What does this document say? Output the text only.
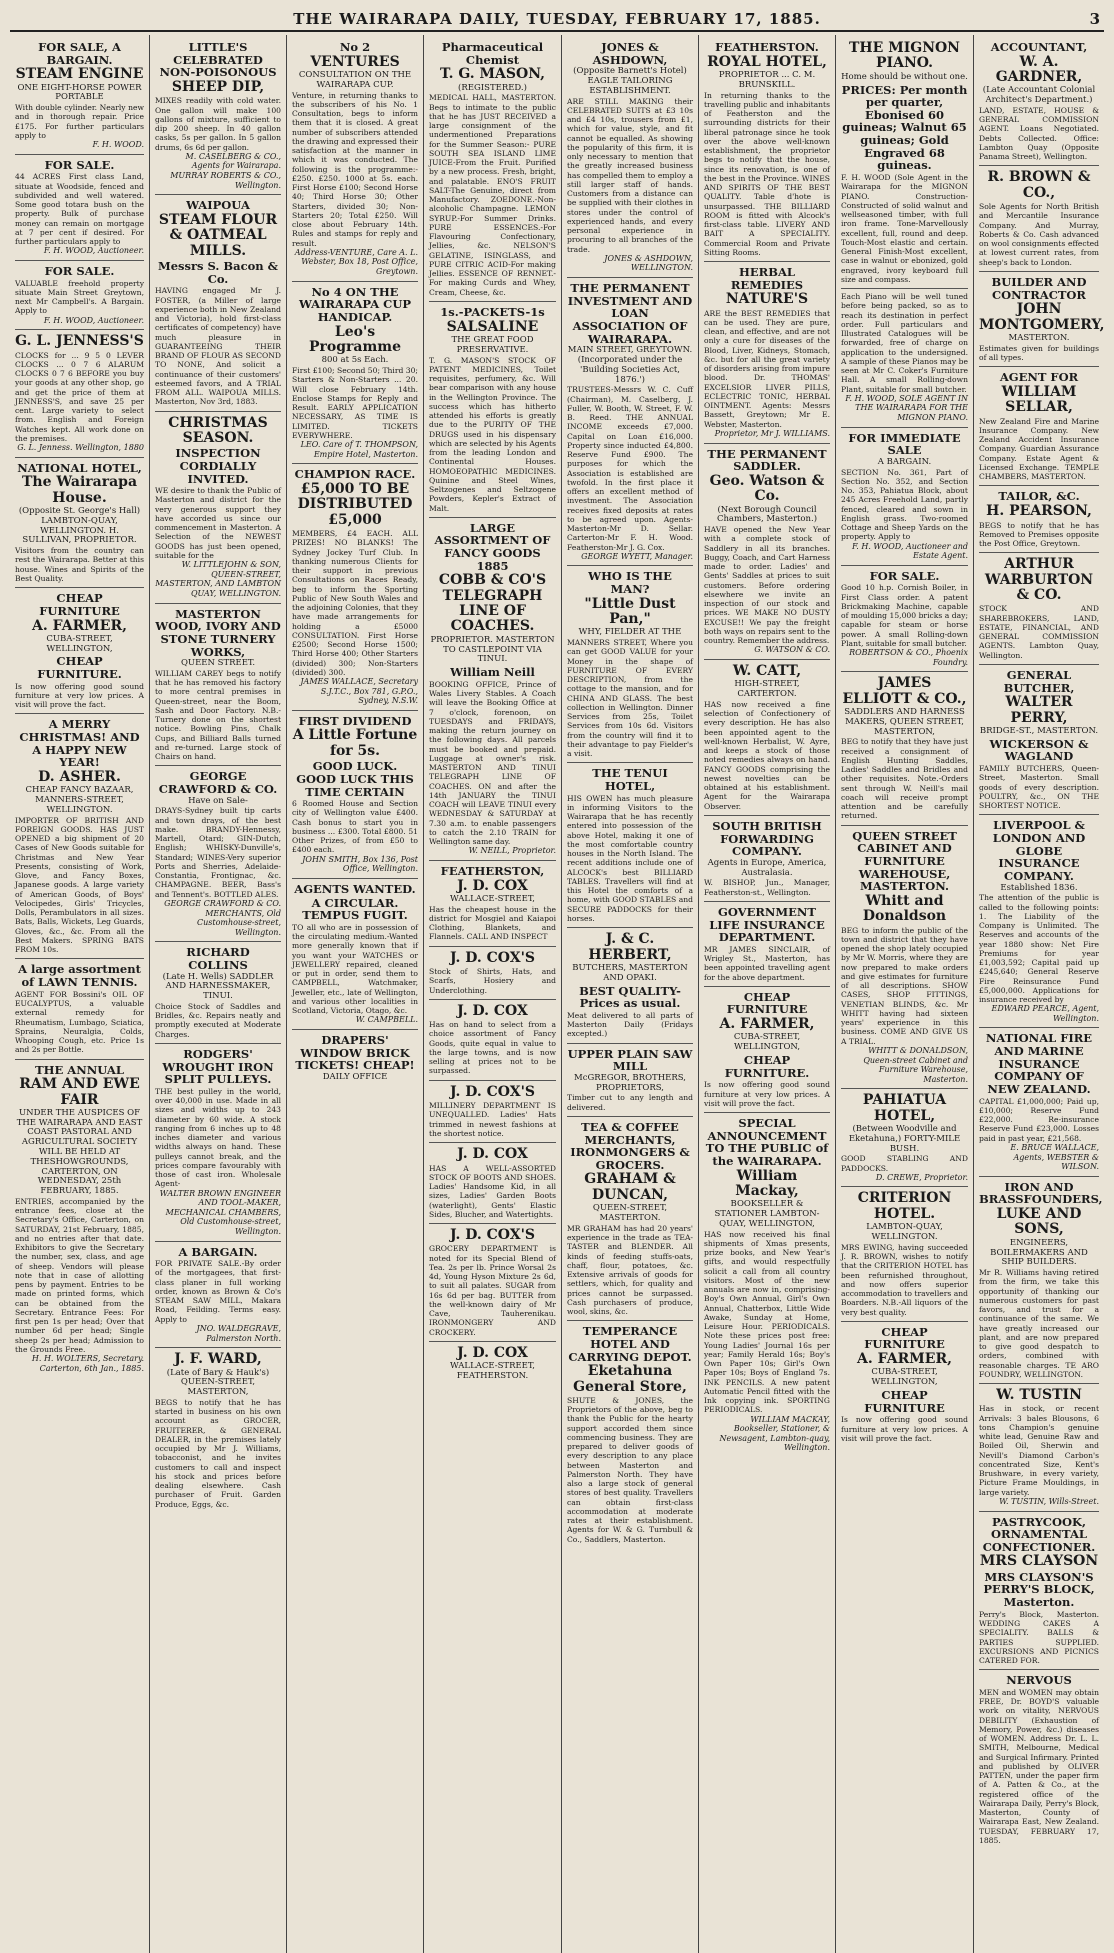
THE WAIRARAPA DAILY, TUESDAY, FEBRUARY 17, 1885.	3
FOR SALE, A BARGAIN.
STEAM ENGINE
ONE EIGHT-HORSE POWER PORTABLE
With double cylinder. Nearly new and in thorough repair. Price £175. For further particulars apply to
F. H. WOOD.
FOR SALE.
44 ACRES First class Land, situate at Woodside, fenced and subdivided and well watered. Some good totara bush on the property. Bulk of purchase money can remain on mortgage at 7 per cent if desired. For further particulars apply to
F. H. WOOD, Auctioneer.
FOR SALE.
VALUABLE freehold property situate Main Street Greytown, next Mr Campbell's. A Bargain. Apply to
F. H. WOOD, Auctioneer.
G. L. JENNESS'S
CLOCKS for ... 9 5 0 LEVER CLOCKS ... 0 7 6 ALARUM CLOCKS 0 7 6 BEFORE you buy your goods at any other shop, go and get the price of them at JENNESS'S, and save 25 per cent. Large variety to select from. English and Foreign Watches kept. All work done on the premises.
G. L. Jenness. Wellington, 1880
NATIONAL HOTEL,
The Wairarapa House.
(Opposite St. George's Hall) LAMBTON-QUAY, WELLINGTON. H. SULLIVAN, PROPRIETOR.
Visitors from the country can rest the Wairarapa. Better at this house. Wines and Spirits of the Best Quality.
CHEAP FURNITURE
A. FARMER,
CUBA-STREET, WELLINGTON,
CHEAP FURNITURE.
Is now offering good sound furniture at very low prices. A visit will prove the fact.
A MERRY CHRISTMAS! AND A HAPPY NEW YEAR!
D. ASHER.
CHEAP FANCY BAZAAR, MANNERS-STREET, WELLINGTON.
IMPORTER OF BRITISH AND FOREIGN GOODS. HAS JUST OPENED a big shipment of 20 Cases of New Goods suitable for Christmas and New Year Presents, consisting of Work, Glove, and Fancy Boxes, Japanese goods. A large variety of American Goods, of Boys' Velocipedes, Girls' Tricycles, Dolls, Perambulators in all sizes. Bats, Balls, Wickets, Leg Guards, Gloves, &c., &c. From all the Best Makers. SPRING BATS FROM 10s.
A large assortment of LAWN TENNIS.
AGENT FOR Bossini's OIL OF EUCALYPTUS, a valuable external remedy for Rheumatism, Lumbago, Sciatica, Sprains, Neuralgia, Colds, Whooping Cough, etc. Price 1s and 2s per Bottle.
THE ANNUAL
RAM AND EWE FAIR
UNDER THE AUSPICES OF THE WAIRARAPA AND EAST COAST PASTORAL AND AGRICULTURAL SOCIETY WILL BE HELD AT THESHOWGROUNDS, CARTERTON, ON WEDNESDAY, 25th FEBRUARY, 1885.
ENTRIES, accompanied by the entrance fees, close at the Secretary's Office, Carterton, on SATURDAY, 21st February, 1885, and no entries after that date. Exhibitors to give the Secretary the number, sex, class, and age of sheep. Vendors will please note that in case of allotting pens by payment. Entries to be made on printed forms, which can be obtained from the Secretary. Entrance Fees: For first pen 1s per head; Over that number 6d per head; Single sheep 2s per head; Admission to the Grounds Free.
H. H. WOLTERS, Secretary. Carterton, 6th Jan., 1885.
LITTLE'S CELEBRATED NON-POISONOUS
SHEEP DIP,
MIXES readily with cold water. One gallon will make 100 gallons of mixture, sufficient to dip 200 sheep. In 40 gallon casks, 5s per gallon. In 5 gallon drums, 6s 6d per gallon.
M. CASELBERG & CO., Agents for Wairarapa. MURRAY ROBERTS & CO., Wellington.
WAIPOUA
STEAM FLOUR & OATMEAL MILLS.
Messrs S. Bacon & Co.
HAVING engaged Mr J. FOSTER, (a Miller of large experience both in New Zealand and Victoria), hold first-class certificates of competency) have much pleasure in GUARANTEEING THEIR BRAND OF FLOUR AS SECOND TO NONE, And solicit a continuance of their customers' esteemed favors, and A TRIAL FROM ALL. WAIPOUA MILLS. Masterton, Nov 3rd, 1883.
CHRISTMAS SEASON.
INSPECTION CORDIALLY INVITED.
WE desire to thank the Public of Masterton and district for the very generous support they have accorded us since our commencement in Masterton. A Selection of the NEWEST GOODS has just been opened, suitable for the
W. LITTLEJOHN & SON, QUEEN-STREET, MASTERTON, AND LAMBTON QUAY, WELLINGTON.
MASTERTON WOOD, IVORY AND STONE TURNERY WORKS,
QUEEN STREET.
WILLIAM CAREY begs to notify that he has removed his factory to more central premises in Queen-street, near the Boom, Sash and Door Factory. N.B.-Turnery done on the shortest notice. Bowling Pins, Chalk Cups, and Billiard Balls turned and re-turned. Large stock of Chairs on hand.
GEORGE CRAWFORD & CO.
Have on Sale-
DRAYS-Sydney built tip carts and town drays, of the best make. BRANDY-Hennessy, Martell, Otard; GIN-Dutch, English; WHISKY-Dunville's, Standard; WINES-Very superior Ports and Sherries, Adelaide-Constantia, Frontignac, &c. CHAMPAGNE. BEER, Bass's and Tennent's. BOTTLED ALES.
GEORGE CRAWFORD & CO. MERCHANTS, Old Customhouse-street, Wellington.
RICHARD COLLINS
(Late H. Wells) SADDLER AND HARNESSMAKER, TINUI.
Choice Stock of Saddles and Bridles, &c. Repairs neatly and promptly executed at Moderate Charges.
RODGERS' WROUGHT IRON SPLIT PULLEYS.
THE best pulley in the world, over 40,000 in use. Made in all sizes and widths up to 243 diameter by 60 wide. A stock ranging from 6 inches up to 48 inches diameter and various widths always on hand. These pulleys cannot break, and the prices compare favourably with those of cast iron. Wholesale Agent-
WALTER BROWN ENGINEER AND TOOL-MAKER, MECHANICAL CHAMBERS, Old Customhouse-street, Wellington.
A BARGAIN.
FOR PRIVATE SALE.-By order of the mortgagees, that first-class planer in full working order, known as Brown & Co's STEAM SAW MILL, Makara Road, Feilding. Terms easy. Apply to
JNO. WALDEGRAVE, Palmerston North.
J. F. WARD,
(Late of Bary & Hauk's) QUEEN-STREET, MASTERTON,
BEGS to notify that he has started in business on his own account as GROCER, FRUITERER, & GENERAL DEALER, in the premises lately occupied by Mr J. Williams, tobacconist, and he invites customers to call and inspect his stock and prices before dealing elsewhere. Cash purchaser of Fruit. Garden Produce, Eggs, &c.
No 2
VENTURES
CONSULTATION ON THE WAIRARAPA CUP.
Venture, in returning thanks to the subscribers of his No. 1 Consultation, begs to inform them that it is closed. A great number of subscribers attended the drawing and expressed their satisfaction at the manner in which it was conducted. The following is the programme:- £250. £250. 1000 at 5s. each. First Horse £100; Second Horse 40; Third Horse 30; Other Starters, divided 30; Non-Starters 20; Total £250. Will close about February 14th. Rules and stamps for reply and result.
Address-VENTURE, Care A. L. Webster, Box 18, Post Office, Greytown.
No 4 ON THE WAIRARAPA CUP HANDICAP.
Leo's Programme
800 at 5s Each.
First £100; Second 50; Third 30; Starters & Non-Starters ... 20. Will close February 14th. Enclose Stamps for Reply and Result. EARLY APPLICATION NECESSARY, AS TIME IS LIMITED. TICKETS EVERYWHERE.
LEO. Care of T. THOMPSON, Empire Hotel, Masterton.
CHAMPION RACE.
£5,000 TO BE DISTRIBUTED £5,000
MEMBERS, £4 EACH. ALL PRIZES! NO BLANKS! The Sydney Jockey Turf Club. In thanking numerous Clients for their support in previous Consultations on Races Ready, beg to inform the Sporting Public of New South Wales and the adjoining Colonies, that they have made arrangements for holding a £5000 CONSULTATION. First Horse £2500; Second Horse 1500; Third Horse 400; Other Starters (divided) 300; Non-Starters (divided) 300.
JAMES WALLACE, Secretary S.J.T.C., Box 781, G.P.O., Sydney, N.S.W.
FIRST DIVIDEND
A Little Fortune for 5s.
GOOD LUCK. GOOD LUCK THIS TIME CERTAIN
6 Roomed House and Section city of Wellington value £400. Cash bonus to start you in business ... £300. Total £800. 51 Other Prizes, of from £50 to £400 each.
JOHN SMITH, Box 136, Post Office, Wellington.
AGENTS WANTED.
A CIRCULAR. TEMPUS FUGIT.
TO all who are in possession of the circulating medium.-Wanted more generally known that if you want your WATCHES or JEWELLERY repaired, cleaned or put in order, send them to CAMPBELL, Watchmaker, Jeweller, etc., late of Wellington, and various other localities in Scotland, Victoria, Otago, &c.
W. CAMPBELL.
DRAPERS' WINDOW BRICK TICKETS! CHEAP!
DAILY OFFICE
Pharmaceutical Chemist
T. G. MASON,
(REGISTERED.)
MEDICAL HALL, MASTERTON. Begs to intimate to the public that he has JUST RECEIVED a large consignment of the undermentioned Preparations for the Summer Season:- PURE SOUTH SEA ISLAND LIME JUICE-From the Fruit. Purified by a new process. Fresh, bright, and palatable. ENO'S FRUIT SALT-The Genuine, direct from Manufactory. ZOEDONE.-Non-alcoholic Champagne. LEMON SYRUP.-For Summer Drinks. PURE ESSENCES.-For Flavouring Confectionary, Jellies, &c. NELSON'S GELATINE, ISINGLASS, and PURE CITRIC ACID-For making Jellies. ESSENCE OF RENNET.-For making Curds and Whey, Cream, Cheese, &c.
1s.-PACKETS-1s
SALSALINE
THE GREAT FOOD PRESERVATIVE.
T. G. MASON'S STOCK OF PATENT MEDICINES, Toilet requisites, perfumery, &c. Will bear comparison with any house in the Wellington Province. The success which has hitherto attended his efforts is greatly due to the PURITY OF THE DRUGS used in his dispensary which are selected by his Agents from the leading London and Continental Houses. HOMOEOPATHIC MEDICINES. Quinine and Steel Wines, Seltzogenes and Seltzogene Powders, Kepler's Extract of Malt.
LARGE ASSORTMENT OF FANCY GOODS 1885
COBB & CO'S TELEGRAPH LINE OF COACHES.
PROPRIETOR. MASTERTON TO CASTLEPOINT VIA TINUI.
William Neill
BOOKING OFFICE, Prince of Wales Livery Stables. A Coach will leave the Booking Office at 7 o'clock, forenoon, on TUESDAYS and FRIDAYS, making the return journey on the following days. All parcels must be booked and prepaid. Luggage at owner's risk. MASTERTON AND TINUI TELEGRAPH LINE OF COACHES. ON and after the 14th JANUARY the TINUI COACH will LEAVE TINUI every WEDNESDAY & SATURDAY at 7.30 a.m. to enable passengers to catch the 2.10 TRAIN for Wellington same day.
W. NEILL, Proprietor.
FEATHERSTON,
J. D. COX
WALLACE-STREET,
Has the cheapest house in the district for Mosgiel and Kaiapoi Clothing, Blankets, and Flannels. CALL AND INSPECT
J. D. COX'S
Stock of Shirts, Hats, and Scarfs, Hosiery and Underclothing.
J. D. COX
Has on hand to select from a choice assortment of Fancy Goods, quite equal in value to the large towns, and is now selling at prices not to be surpassed.
J. D. COX'S
MILLINERY DEPARTMENT IS UNEQUALLED. Ladies' Hats trimmed in newest fashions at the shortest notice.
J. D. COX
HAS A WELL-ASSORTED STOCK OF BOOTS AND SHOES. Ladies' Handsome Kid, in all sizes, Ladies' Garden Boots (waterlight), Gents' Elastic Sides, Blucher, and Watertights.
J. D. COX'S
GROCERY DEPARTMENT is noted for its Special Blend of Tea. 2s per lb. Prince Worsal 2s 4d, Young Hyson Mixture 2s 6d, to suit all palates. SUGAR from 16s 6d per bag. BUTTER from the well-known dairy of Mr Cave, Tauherenikau. IRONMONGERY AND CROCKERY.
J. D. COX
WALLACE-STREET, FEATHERSTON.
JONES & ASHDOWN,
(Opposite Barnett's Hotel) EAGLE TAILORING ESTABLISHMENT.
ARE STILL MAKING their CELEBRATED SUITS at £3 10s and £4 10s, trousers from £1, which for value, style, and fit cannot be equalled. As showing the popularity of this firm, it is only necessary to mention that the greatly increased business has compelled them to employ a still larger staff of hands. Customers from a distance can be supplied with their clothes in stores under the control of experienced hands, and every personal experience in procuring to all branches of the trade.
JONES & ASHDOWN, WELLINGTON.
THE PERMANENT INVESTMENT AND LOAN ASSOCIATION OF WAIRARAPA.
MAIN STREET, GREYTOWN. (Incorporated under the 'Building Societies Act, 1876.')
TRUSTEES-Messrs W. C. Cuff (Chairman), M. Caselberg, J. Fuller, W. Booth, W. Street, F. W. B. Reed. THE ANNUAL INCOME exceeds £7,000. Capital on Loan £16,000. Property since inducted £4,800. Reserve Fund £900. The purposes for which the Association is established are twofold. In the first place it offers an excellent method of investment. The Association receives fixed deposits at rates to be agreed upon. Agents-Masterton-Mr D. Sellar. Carterton-Mr F. H. Wood. Featherston-Mr J. G. Cox.
GEORGE WYETT, Manager.
WHO IS THE MAN?
"Little Dust Pan,"
WHY, FIELDER AT THE
MANNERS STREET, Where you can get GOOD VALUE for your Money in the shape of FURNITURE OF EVERY DESCRIPTION, from the cottage to the mansion, and for CHINA AND GLASS. The best collection in Wellington. Dinner Services from 25s, Toilet Services from 10s 6d. Visitors from the country will find it to their advantage to pay Fielder's a visit.
THE TENUI HOTEL,
HIS OWEN has much pleasure in informing Visitors to the Wairarapa that he has recently entered into possession of the above Hotel, making it one of the most comfortable country houses in the North Island. The recent additions include one of ALCOCK's best BILLIARD TABLES. Travellers will find at this Hotel the comforts of a home, with GOOD STABLES and SECURE PADDOCKS for their horses.
J. & C. HERBERT,
BUTCHERS, MASTERTON AND OPAKI.
BEST QUALITY-Prices as usual.
Meat delivered to all parts of Masterton Daily (Fridays excepted.)
UPPER PLAIN SAW MILL
McGREGOR, BROTHERS, PROPRIETORS,
Timber cut to any length and delivered.
TEA & COFFEE MERCHANTS, IRONMONGERS & GROCERS.
GRAHAM & DUNCAN,
QUEEN-STREET, MASTERTON.
MR GRAHAM has had 20 years' experience in the trade as TEA-TASTER and BLENDER. All kinds of feeding stuffs-oats, chaff, flour, potatoes, &c. Extensive arrivals of goods for settlers, which, for quality and prices cannot be surpassed. Cash purchasers of produce, wool, skins, &c.
TEMPERANCE HOTEL AND CARRYING DEPOT.
Eketahuna General Store,
SHUTE & JONES, the Proprietors of the above, beg to thank the Public for the hearty support accorded them since commencing business. They are prepared to deliver goods of every description to any place between Masterton and Palmerston North. They have also a large stock of general stores of best quality. Travellers can obtain first-class accommodation at moderate rates at their establishment. Agents for W. & G. Turnbull & Co., Saddlers, Masterton.
FEATHERSTON.
ROYAL HOTEL,
PROPRIETOR ... C. M. BRUNSKILL.
In returning thanks to the travelling public and inhabitants of Featherston and the surrounding districts for their liberal patronage since he took over the above well-known establishment, the proprietor begs to notify that the house, since its renovation, is one of the best in the Province. WINES AND SPIRITS OF THE BEST QUALITY. Table d'hote is unsurpassed. THE BILLIARD ROOM is fitted with Alcock's first-class table. LIVERY AND BAIT A SPECIALITY. Commercial Room and Private Sitting Rooms.
HERBAL REMEDIES
NATURE'S
ARE the BEST REMEDIES that can be used. They are pure, clean, and effective, and are not only a cure for diseases of the Blood, Liver, Kidneys, Stomach, &c. but for all the great variety of disorders arising from impure blood. Dr. THOMAS' EXCELSIOR LIVER PILLS, ECLECTRIC TONIC, HERBAL OINTMENT. Agents: Messrs Bassett, Greytown; Mr E. Webster, Masterton.
Proprietor, Mr J. WILLIAMS.
THE PERMANENT SADDLER.
Geo. Watson & Co.
(Next Borough Council Chambers, Masterton.)
HAVE opened the New Year with a complete stock of Saddlery in all its branches. Buggy, Coach, and Cart Harness made to order. Ladies' and Gents' Saddles at prices to suit customers. Before ordering elsewhere we invite an inspection of our stock and prices. WE MAKE NO DUSTY EXCUSE!! We pay the freight both ways on repairs sent to the country. Remember the address.
G. WATSON & CO.
W. CATT,
HIGH-STREET, CARTERTON.
HAS now received a fine selection of Confectionery of every description. He has also been appointed agent to the well-known Herbalist, W. Ayre, and keeps a stock of those noted remedies always on hand. FANCY GOODS comprising the newest novelties can be obtained at his establishment. Agent for the Wairarapa Observer.
SOUTH BRITISH FORWARDING COMPANY.
Agents in Europe, America, Australasia.
W. BISHOP, Jun., Manager, Featherston-st., Wellington.
GOVERNMENT LIFE INSURANCE DEPARTMENT.
MR JAMES SINCLAIR, of Wrigley St., Masterton, has been appointed travelling agent for the above department.
CHEAP FURNITURE
A. FARMER,
CUBA-STREET, WELLINGTON,
CHEAP FURNITURE.
Is now offering good sound furniture at very low prices. A visit will prove the fact.
SPECIAL ANNOUNCEMENT TO THE PUBLIC of the WAIRARAPA.
William Mackay,
BOOKSELLER & STATIONER LAMBTON-QUAY, WELLINGTON,
HAS now received his final shipments of Xmas presents, prize books, and New Year's gifts, and would respectfully solicit a call from all country visitors. Most of the new annuals are now in, comprising-Boy's Own Annual, Girl's Own Annual, Chatterbox, Little Wide Awake, Sunday at Home, Leisure Hour. PERIODICALS. Note these prices post free: Young Ladies' Journal 16s per year; Family Herald 16s; Boy's Own Paper 10s; Girl's Own Paper 10s; Boys of England 7s. INK PENCILS. A new patent Automatic Pencil fitted with the Ink copying ink. SPORTING PERIODICALS.
WILLIAM MACKAY, Bookseller, Stationer, & Newsagent, Lambton-quay, Wellington.
THE MIGNON PIANO.
Home should be without one.
PRICES: Per month per quarter, Ebonised 60 guineas; Walnut 65 guineas; Gold Engraved 68 guineas.
F. H. WOOD (Sole Agent in the Wairarapa for the MIGNON PIANO. Construction-Constructed of solid walnut and wellseasoned timber, with full iron frame. Tone-Marvellously excellent, full, round and deep. Touch-Most elastic and certain. General Finish-Most excellent, case in walnut or ebonized, gold engraved, ivory keyboard full size and compass.
Each Piano will be well tuned before being packed, so as to reach its destination in perfect order. Full particulars and Illustrated Catalogues will be forwarded, free of charge on application to the undersigned. A sample of these Pianos may be seen at Mr C. Coker's Furniture Hall. A small Rolling-down Plant, suitable for small butcher.
F. H. WOOD, SOLE AGENT IN THE WAIRARAPA FOR THE MIGNON PIANO.
FOR IMMEDIATE SALE
A BARGAIN.
SECTION No. 361, Part of Section No. 352, and Section No. 353, Pahiatua Block, about 245 Acres Freehold Land, partly fenced, cleared and sown in English grass. Two-roomed Cottage and Sheep Yards on the property. Apply to
F. H. WOOD, Auctioneer and Estate Agent.
FOR SALE.
Good 10 h.p. Cornish Boiler, in First Class order. A patent Brickmaking Machine, capable of moulding 15,000 bricks a day; capable for steam or horse power. A small Rolling-down Plant, suitable for small butcher.
ROBERTSON & CO., Phoenix Foundry.
JAMES ELLIOTT & CO.,
SADDLERS AND HARNESS MAKERS, QUEEN STREET, MASTERTON,
BEG to notify that they have just received a consignment of English Hunting Saddles, Ladies' Saddles and Bridles and other requisites. Note.-Orders sent through W. Neill's mail coach will receive prompt attention and be carefully returned.
QUEEN STREET CABINET AND FURNITURE WAREHOUSE, MASTERTON.
Whitt and Donaldson
BEG to inform the public of the town and district that they have opened the shop lately occupied by Mr W. Morris, where they are now prepared to make orders and give estimates for furniture of all descriptions. SHOW CASES, SHOP FITTINGS, VENETIAN BLINDS, &c. Mr WHITT having had sixteen years' experience in this business. COME AND GIVE US A TRIAL.
WHITT & DONALDSON, Queen-street Cabinet and Furniture Warehouse, Masterton.
PAHIATUA HOTEL,
(Between Woodville and Eketahuna,) FORTY-MILE BUSH.
GOOD STABLING AND PADDOCKS.
D. CREWE, Proprietor.
CRITERION HOTEL.
LAMBTON-QUAY, WELLINGTON.
MRS EWING, having succeeded J. R. BROWN, wishes to notify that the CRITERION HOTEL has been refurnished throughout, and now offers superior accommodation to travellers and Boarders. N.B.-All liquors of the very best quality.
CHEAP FURNITURE
A. FARMER,
CUBA-STREET, WELLINGTON,
CHEAP FURNITURE
Is now offering good sound furniture at very low prices. A visit will prove the fact.
ACCOUNTANT,
W. A. GARDNER,
(Late Accountant Colonial Architect's Department.)
LAND, ESTATE, HOUSE & GENERAL COMMISSION AGENT. Loans Negotiated. Debts Collected. Office: Lambton Quay (Opposite Panama Street), Wellington.
R. BROWN & CO.,
Sole Agents for North British and Mercantile Insurance Company. And Murray, Roberts & Co. Cash advanced on wool consignments effected at lowest current rates, from sheep's back to London.
BUILDER AND CONTRACTOR
JOHN MONTGOMERY,
MASTERTON.
Estimates given for buildings of all types.
AGENT FOR
WILLIAM SELLAR,
New Zealand Fire and Marine Insurance Company. New Zealand Accident Insurance Company. Guardian Assurance Company. Estate Agent & Licensed Exchange. TEMPLE CHAMBERS, MASTERTON.
TAILOR, &C.
H. PEARSON,
BEGS to notify that he has Removed to Premises opposite the Post Office, Greytown.
ARTHUR WARBURTON & CO.
STOCK AND SHAREBROKERS, LAND, ESTATE, FINANCIAL, AND GENERAL COMMISSION AGENTS. Lambton Quay, Wellington.
GENERAL BUTCHER,
WALTER PERRY,
BRIDGE-ST., MASTERTON.
WICKERSON & WAGLAND
FAMILY BUTCHERS, Queen-Street, Masterton. Small goods of every description. POULTRY, &c., ON THE SHORTEST NOTICE.
LIVERPOOL & LONDON AND GLOBE INSURANCE COMPANY.
Established 1836.
The attention of the public is called to the following points: 1. The Liability of the Company is Unlimited. The Reserves and accounts of the year 1880 show: Net Fire Premiums for year £1,003,592; Capital paid up £245,640; General Reserve Fire Reinsurance Fund £5,000,000. Applications for insurance received by
EDWARD PEARCE, Agent, Wellington.
NATIONAL FIRE AND MARINE INSURANCE COMPANY OF NEW ZEALAND.
CAPITAL £1,000,000; Paid up, £10,000; Reserve Fund £22,000. Re-insurance Reserve Fund £23,000. Losses paid in past year, £21,568.
E. BRUCE WALLACE, Agents, WEBSTER & WILSON.
IRON AND BRASSFOUNDERS,
LUKE AND SONS,
ENGINEERS, BOILERMAKERS AND SHIP BUILDERS.
Mr R. Williams having retired from the firm, we take this opportunity of thanking our numerous customers for past favors, and trust for a continuance of the same. We have greatly increased our plant, and are now prepared to give good despatch to orders, combined with reasonable charges. TE ARO FOUNDRY, WELLINGTON.
W. TUSTIN
Has in stock, or recent Arrivals: 3 bales Blousons, 6 tons Champion's genuine white lead, Genuine Raw and Boiled Oil, Sherwin and Nevill's Diamond Carbon's concentrated Size, Kent's Brushware, in every variety, Picture Frame Mouldings, in large variety.
W. TUSTIN, Wills-Street.
PASTRYCOOK, ORNAMENTAL CONFECTIONER.
MRS CLAYSON
MRS CLAYSON'S PERRY'S BLOCK, Masterton.
Perry's Block, Masterton. WEDDING CAKES A SPECIALITY. BALLS & PARTIES SUPPLIED. EXCURSIONS AND PICNICS CATERED FOR.
NERVOUS
MEN and WOMEN may obtain FREE, Dr. BOYD'S valuable work on vitality, NERVOUS DEBILITY (Exhaustion of Memory, Power, &c.) diseases of WOMEN. Address Dr. L. L. SMITH, Melbourne, Medical and Surgical Infirmary. Printed and published by OLIVER PATTEN, under the paper firm of A. Patten & Co., at the registered office of the Wairarapa Daily, Perry's Block, Masterton, County of Wairarapa East, New Zealand. TUESDAY, FEBRUARY 17, 1885.
